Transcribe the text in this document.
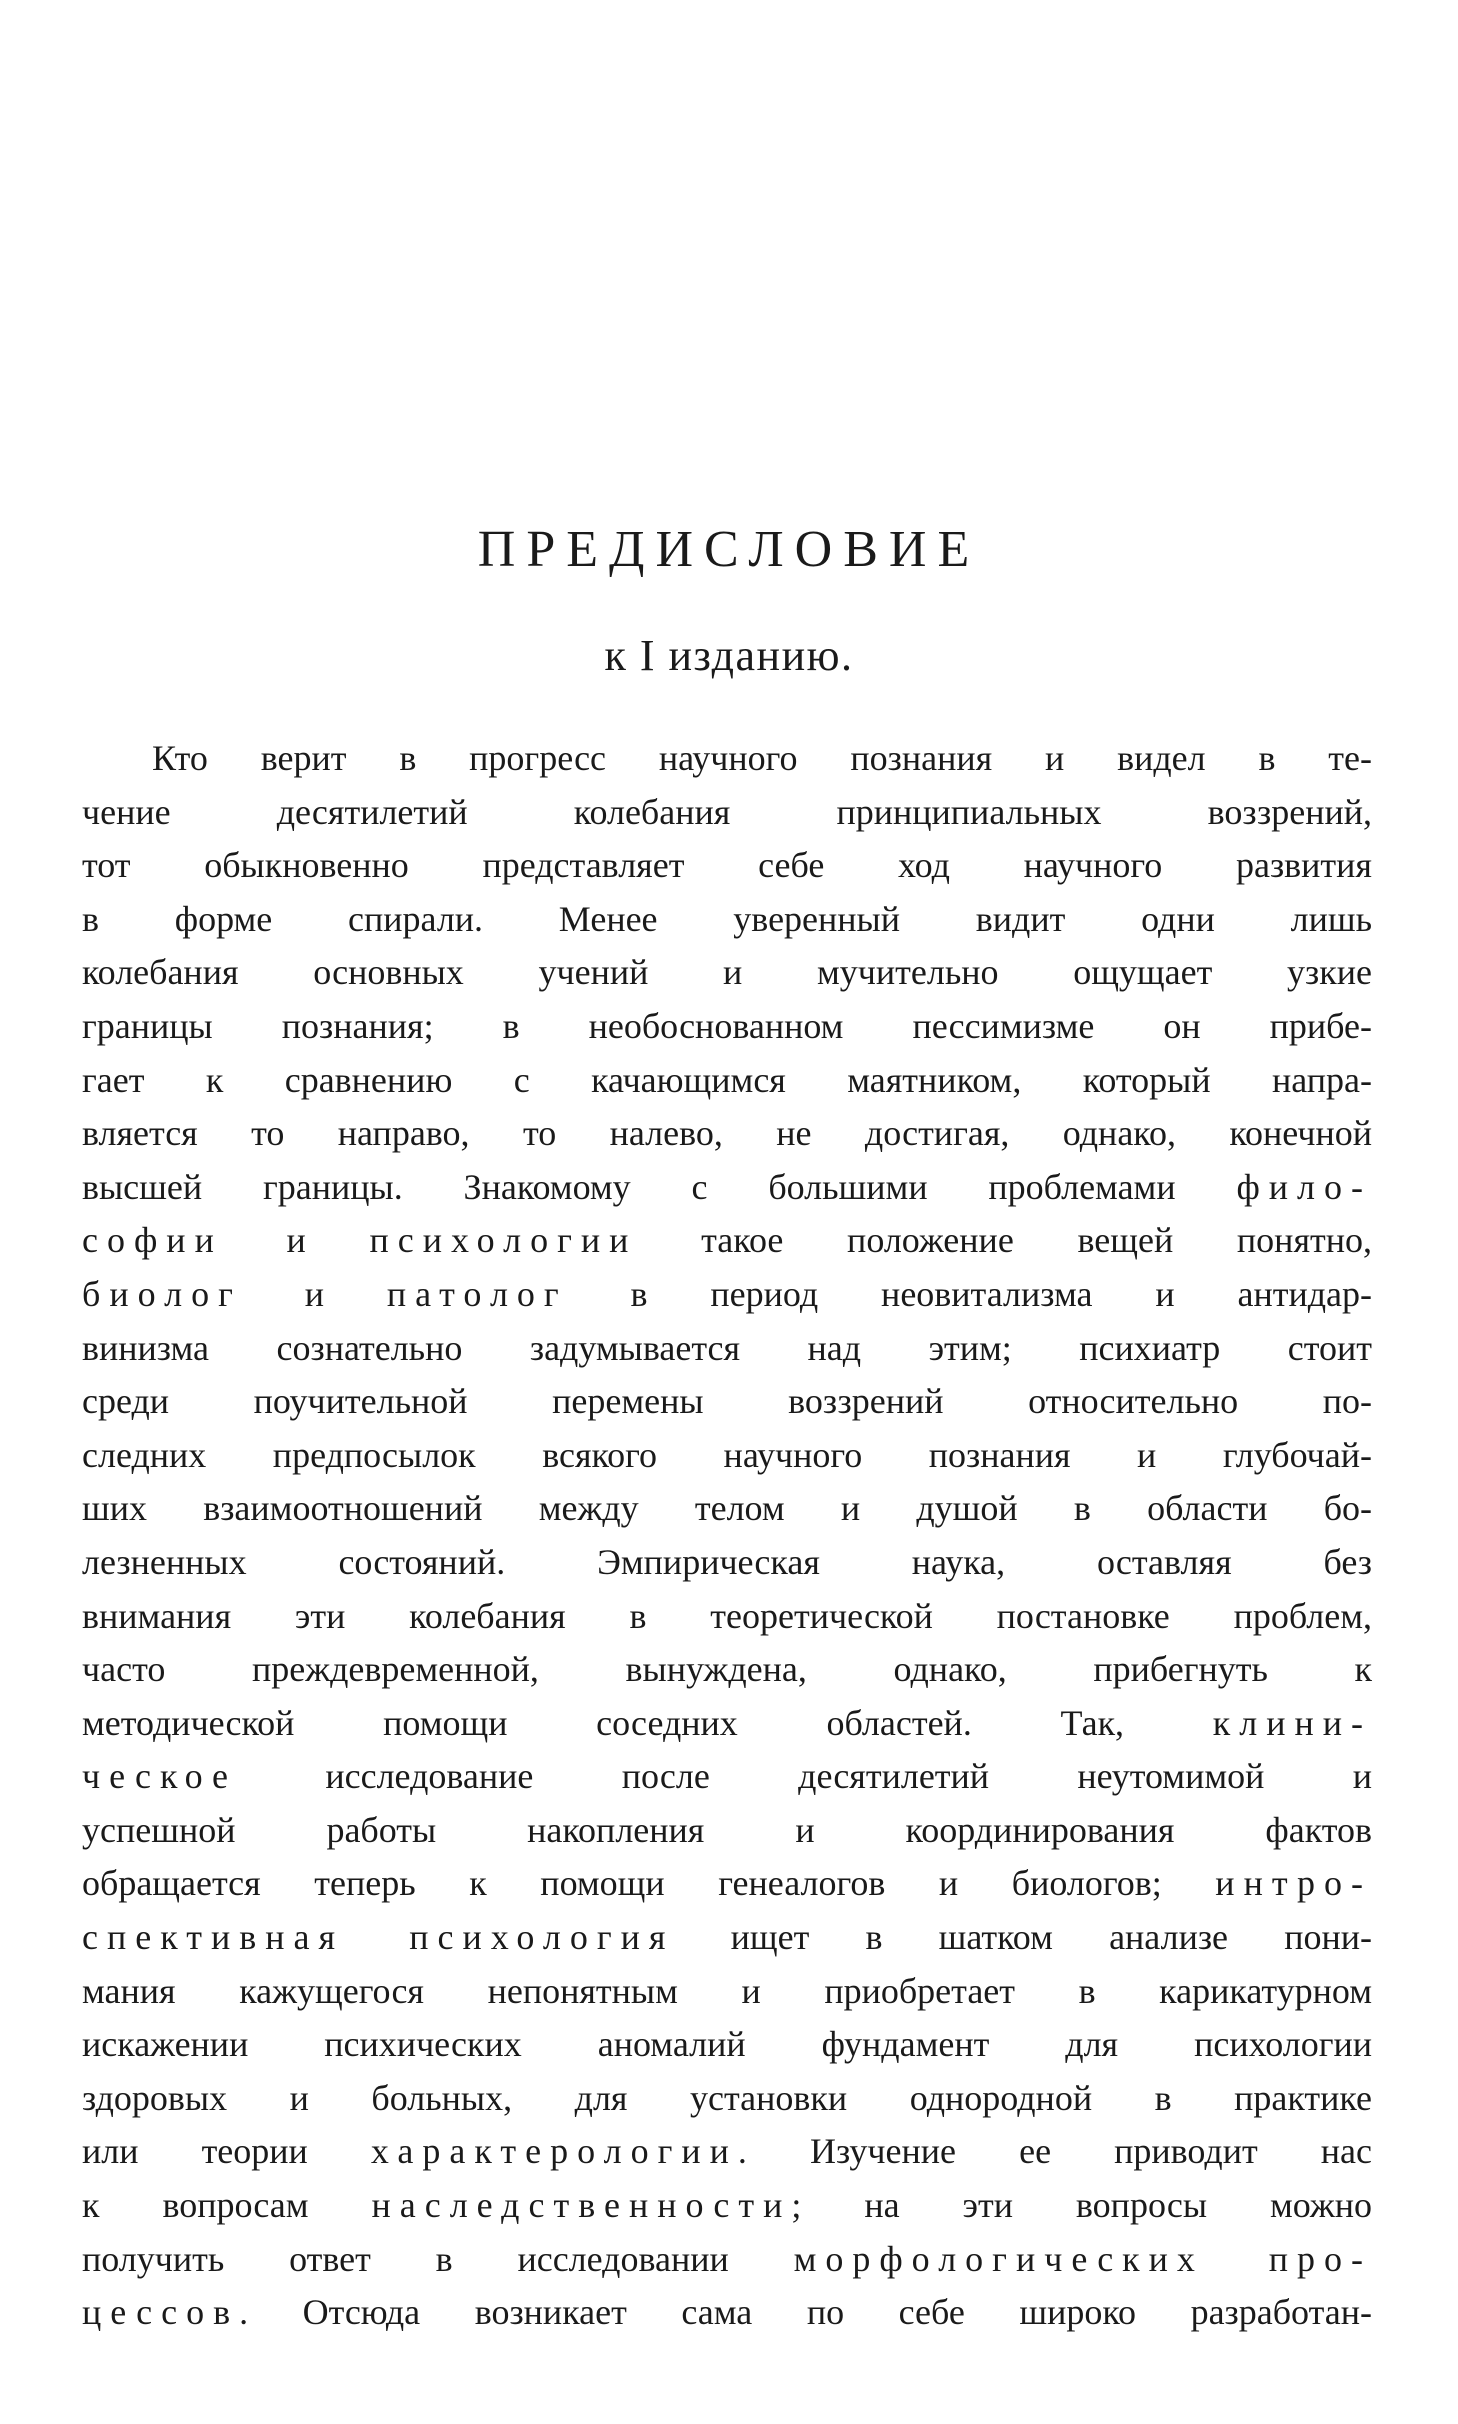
ПРЕДИСЛОВИЕ
к I изданию.
Кто верит в прогресс научного познания и видел в те-
чение десятилетий колебания принципиальных воззрений,
тот обыкновенно представляет себе ход научного развития
в форме спирали. Менее уверенный видит одни лишь
колебания основных учений и мучительно ощущает узкие
границы познания; в необоснованном пессимизме он прибе-
гает к сравнению с качающимся маятником, который напра-
вляется то направо, то налево, не достигая, однако, конечной
высшей границы. Знакомому с большими проблемами фило-
софии и психологии такое положение вещей понятно,
биолог и патолог в период неовитализма и антидар-
винизма сознательно задумывается над этим; психиатр стоит
среди поучительной перемены воззрений относительно по-
следних предпосылок всякого научного познания и глубочай-
ших взаимоотношений между телом и душой в области бо-
лезненных состояний. Эмпирическая наука, оставляя без
внимания эти колебания в теоретической постановке проблем,
часто преждевременной, вынуждена, однако, прибегнуть к
методической помощи соседних областей. Так, клини-
ческое исследование после десятилетий неутомимой и
успешной работы накопления и координирования фактов
обращается теперь к помощи генеалогов и биологов; интро-
спективная психология ищет в шатком анализе пони-
мания кажущегося непонятным и приобретает в карикатурном
искажении психических аномалий фундамент для психологии
здоровых и больных, для установки однородной в практике
или теории характерологии. Изучение ее приводит нас
к вопросам наследственности; на эти вопросы можно
получить ответ в исследовании морфологических про-
цессов. Отсюда возникает сама по себе широко разработан-
